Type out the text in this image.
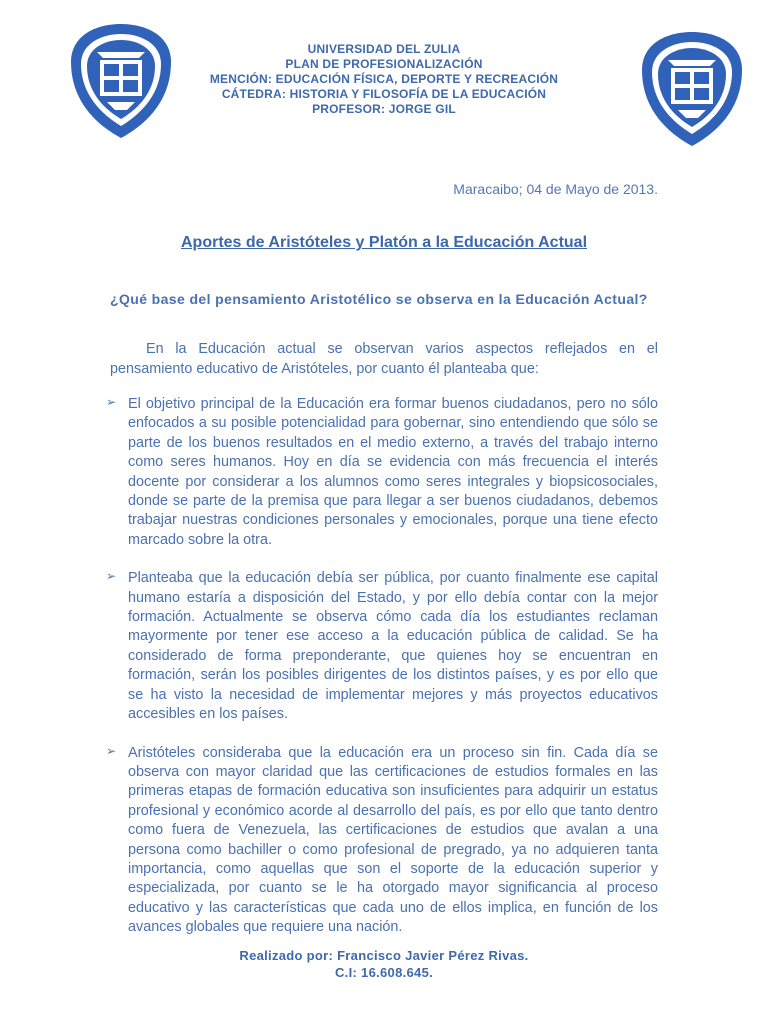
UNIVERSIDAD DEL ZULIA
PLAN DE PROFESIONALIZACIÓN
MENCIÓN: EDUCACIÓN FÍSICA, DEPORTE Y RECREACIÓN
CÁTEDRA: HISTORIA Y FILOSOFÍA DE LA EDUCACIÓN
PROFESOR: JORGE GIL
Maracaibo; 04 de Mayo de 2013.
Aportes de Aristóteles y Platón a la Educación Actual
¿Qué base del pensamiento Aristotélico se observa en la Educación Actual?
En la Educación actual se observan varios aspectos reflejados en el pensamiento educativo de Aristóteles, por cuanto él planteaba que:
➢ El objetivo principal de la Educación era formar buenos ciudadanos, pero no sólo enfocados a su posible potencialidad para gobernar, sino entendiendo que sólo se parte de los buenos resultados en el medio externo, a través del trabajo interno como seres humanos. Hoy en día se evidencia con más frecuencia el interés docente por considerar a los alumnos como seres integrales y biopsicosociales, donde se parte de la premisa que para llegar a ser buenos ciudadanos, debemos trabajar nuestras condiciones personales y emocionales, porque una tiene efecto marcado sobre la otra.
➢ Planteaba que la educación debía ser pública, por cuanto finalmente ese capital humano estaría a disposición del Estado, y por ello debía contar con la mejor formación. Actualmente se observa cómo cada día los estudiantes reclaman mayormente por tener ese acceso a la educación pública de calidad. Se ha considerado de forma preponderante, que quienes hoy se encuentran en formación, serán los posibles dirigentes de los distintos países, y es por ello que se ha visto la necesidad de implementar mejores y más proyectos educativos accesibles en los países.
➢ Aristóteles consideraba que la educación era un proceso sin fin. Cada día se observa con mayor claridad que las certificaciones de estudios formales en las primeras etapas de formación educativa son insuficientes para adquirir un estatus profesional y económico acorde al desarrollo del país, es por ello que tanto dentro como fuera de Venezuela, las certificaciones de estudios que avalan a una persona como bachiller o como profesional de pregrado, ya no adquieren tanta importancia, como aquellas que son el soporte de la educación superior y especializada, por cuanto se le ha otorgado mayor significancia al proceso educativo y las características que cada uno de ellos implica, en función de los avances globales que requiere una nación.
Realizado por: Francisco Javier Pérez Rivas.
C.I: 16.608.645.
